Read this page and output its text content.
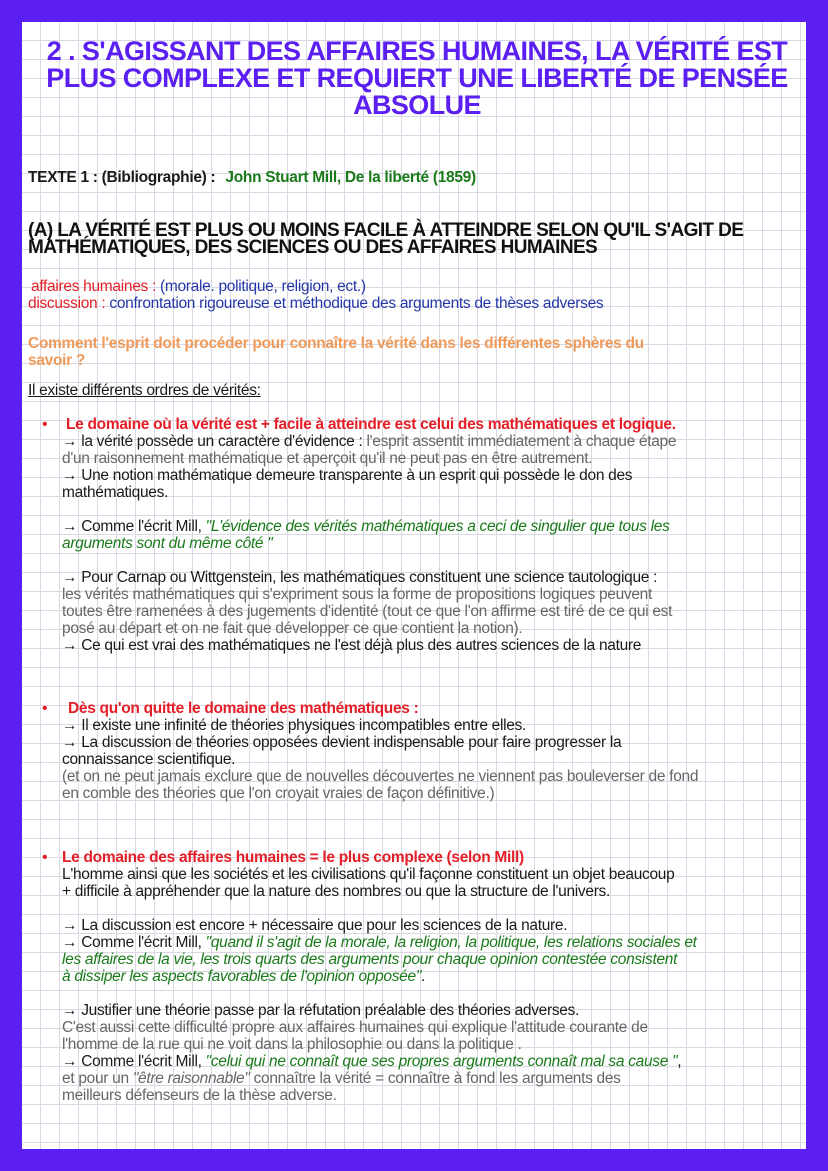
2 . S'AGISSANT DES AFFAIRES HUMAINES, LA VÉRITÉ EST
PLUS COMPLEXE ET REQUIERT UNE LIBERTÉ DE PENSÉE
ABSOLUE
TEXTE 1 : (Bibliographie) : John Stuart Mill, De la liberté (1859)
(A) LA VÉRITÉ EST PLUS OU MOINS FACILE À ATTEINDRE SELON QU'IL S'AGIT DE
MATHÉMATIQUES, DES SCIENCES OU DES AFFAIRES HUMAINES
affaires humaines : (morale. politique, religion, ect.)
discussion : confrontation rigoureuse et méthodique des arguments de thèses adverses
Comment l'esprit doit procéder pour connaître la vérité dans les différentes sphères du
savoir ?
Il existe différents ordres de vérités:
•	Le domaine où la vérité est + facile à atteindre est celui des mathématiques et logique.
→ la vérité possède un caractère d'évidence : l'esprit assentit immédiatement à chaque étape
d'un raisonnement mathématique et aperçoit qu'il ne peut pas en être autrement.
→ Une notion mathématique demeure transparente à un esprit qui possède le don des
mathématiques.
→ Comme l'écrit Mill, "L'évidence des vérités mathématiques a ceci de singulier que tous les
arguments sont du même côté "
→ Pour Carnap ou Wittgenstein, les mathématiques constituent une science tautologique :
les vérités mathématiques qui s'expriment sous la forme de propositions logiques peuvent
toutes être ramenées à des jugements d'identité (tout ce que l'on affirme est tiré de ce qui est
posé au départ et on ne fait que développer ce que contient la notion).
→ Ce qui est vrai des mathématiques ne l'est déjà plus des autres sciences de la nature
•	Dès qu'on quitte le domaine des mathématiques :
→ Il existe une infinité de théories physiques incompatibles entre elles.
→ La discussion de théories opposées devient indispensable pour faire progresser la
connaissance scientifique.
(et on ne peut jamais exclure que de nouvelles découvertes ne viennent pas bouleverser de fond
en comble des théories que l'on croyait vraies de façon définitive.)
• Le domaine des affaires humaines = le plus complexe (selon Mill)
L'homme ainsi que les sociétés et les civilisations qu'il façonne constituent un objet beaucoup
+ difficile à appréhender que la nature des nombres ou que la structure de l'univers.
→ La discussion est encore + nécessaire que pour les sciences de la nature.
→ Comme l'écrit Mill, "quand il s'agit de la morale, la religion, la politique, les relations sociales et
les affaires de la vie, les trois quarts des arguments pour chaque opinion contestée consistent
à dissiper les aspects favorables de l'opinion opposée".
→ Justifier une théorie passe par la réfutation préalable des théories adverses.
C'est aussi cette difficulté propre aux affaires humaines qui explique l'attitude courante de
l'homme de la rue qui ne voit dans la philosophie ou dans la politique .
→ Comme l'écrit Mill, "celui qui ne connaît que ses propres arguments connaît mal sa cause ",
et pour un "être raisonnable" connaître la vérité = connaître à fond les arguments des
meilleurs défenseurs de la thèse adverse.
